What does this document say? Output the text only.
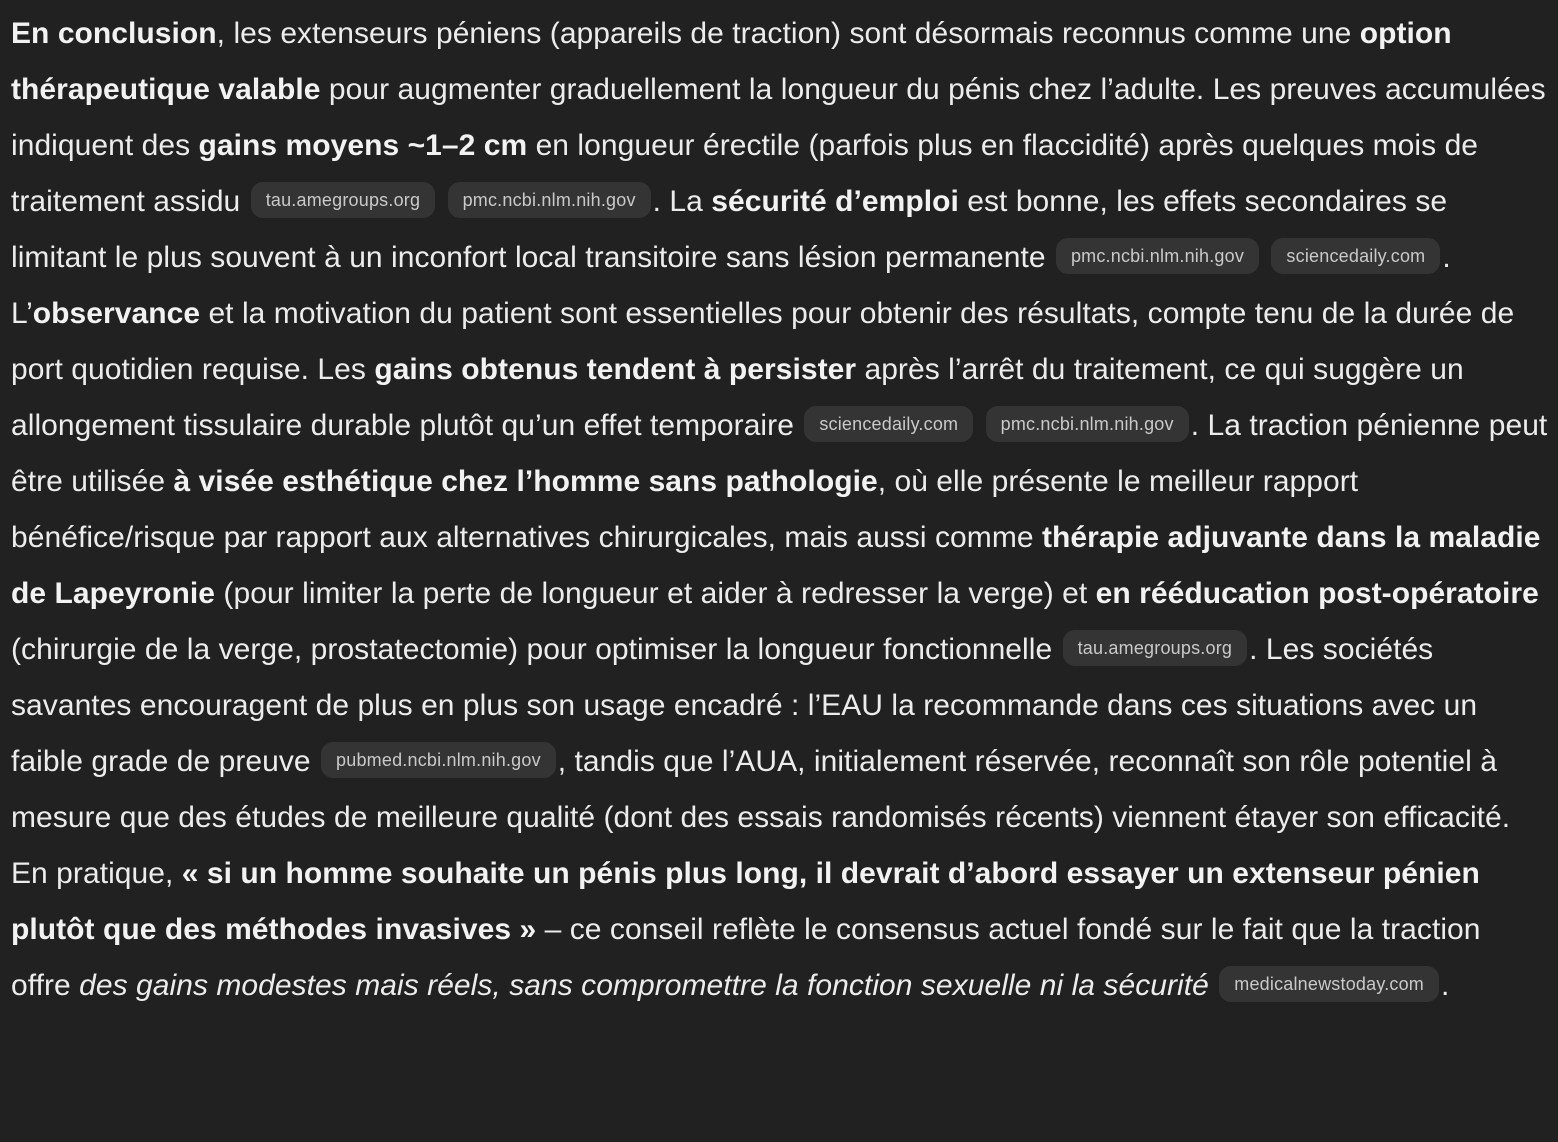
En conclusion, les extenseurs péniens (appareils de traction) sont désormais reconnus comme une option thérapeutique valable pour augmenter graduellement la longueur du pénis chez l’adulte. Les preuves accumulées indiquent des gains moyens ~1–2 cm en longueur érectile (parfois plus en flaccidité) après quelques mois de traitement assidu tau.amegroups.org pmc.ncbi.nlm.nih.gov . La sécurité d’emploi est bonne, les effets secondaires se limitant le plus souvent à un inconfort local transitoire sans lésion permanente pmc.ncbi.nlm.nih.gov sciencedaily.com . L’observance et la motivation du patient sont essentielles pour obtenir des résultats, compte tenu de la durée de port quotidien requise. Les gains obtenus tendent à persister après l’arrêt du traitement, ce qui suggère un allongement tissulaire durable plutôt qu’un effet temporaire sciencedaily.com pmc.ncbi.nlm.nih.gov . La traction pénienne peut être utilisée à visée esthétique chez l’homme sans pathologie, où elle présente le meilleur rapport bénéfice/risque par rapport aux alternatives chirurgicales, mais aussi comme thérapie adjuvante dans la maladie de Lapeyronie (pour limiter la perte de longueur et aider à redresser la verge) et en rééducation post-opératoire (chirurgie de la verge, prostatectomie) pour optimiser la longueur fonctionnelle tau.amegroups.org . Les sociétés savantes encouragent de plus en plus son usage encadré : l’EAU la recommande dans ces situations avec un faible grade de preuve pubmed.ncbi.nlm.nih.gov , tandis que l’AUA, initialement réservée, reconnaît son rôle potentiel à mesure que des études de meilleure qualité (dont des essais randomisés récents) viennent étayer son efficacité. En pratique, « si un homme souhaite un pénis plus long, il devrait d’abord essayer un extenseur pénien plutôt que des méthodes invasives » – ce conseil reflète le consensus actuel fondé sur le fait que la traction offre des gains modestes mais réels, sans compromettre la fonction sexuelle ni la sécurité medicalnewstoday.com .
